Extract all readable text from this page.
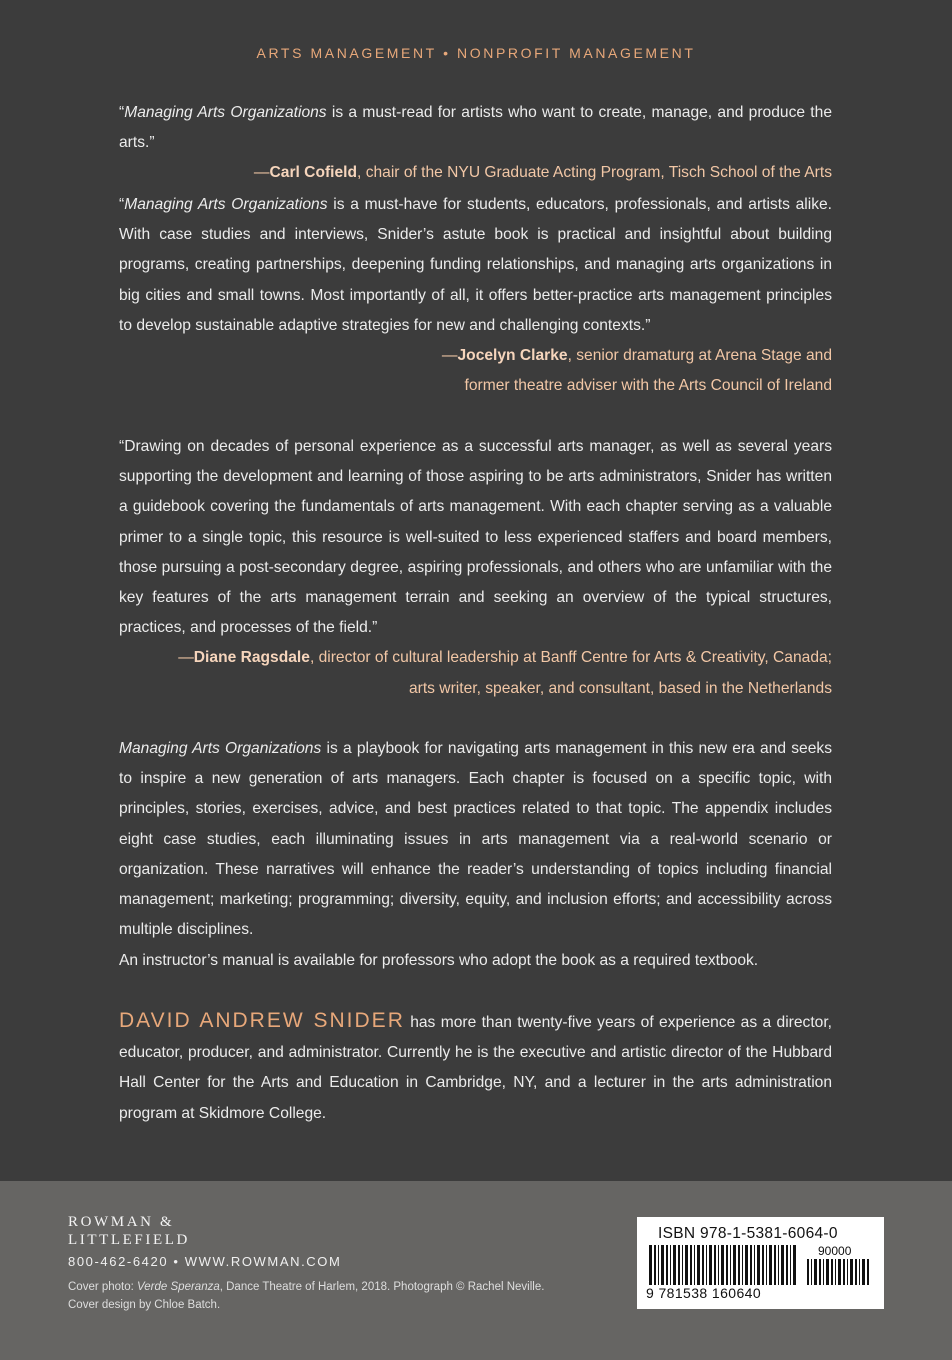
ARTS MANAGEMENT • NONPROFIT MANAGEMENT

“Managing Arts Organizations is a must-read for artists who want to create, manage, and produce the arts.”

—Carl Cofield, chair of the NYU Graduate Acting Program, Tisch School of the Arts

“Managing Arts Organizations is a must-have for students, educators, professionals, and artists alike. With case studies and interviews, Snider’s astute book is practical and insightful about building programs, creating partnerships, deepening funding relationships, and managing arts organizations in big cities and small towns. Most importantly of all, it offers better-practice arts management principles to develop sustainable adaptive strategies for new and challenging contexts.”

—Jocelyn Clarke, senior dramaturg at Arena Stage and
former theatre adviser with the Arts Council of Ireland

“Drawing on decades of personal experience as a successful arts manager, as well as several years supporting the development and learning of those aspiring to be arts administrators, Snider has written a guidebook covering the fundamentals of arts management. With each chapter serving as a valuable primer to a single topic, this resource is well-suited to less experienced staffers and board members, those pursuing a post-secondary degree, aspiring professionals, and others who are unfamiliar with the key features of the arts management terrain and seeking an overview of the typical structures, practices, and processes of the field.”

—Diane Ragsdale, director of cultural leadership at Banff Centre for Arts & Creativity, Canada;
arts writer, speaker, and consultant, based in the Netherlands

Managing Arts Organizations is a playbook for navigating arts management in this new era and seeks to inspire a new generation of arts managers. Each chapter is focused on a specific topic, with principles, stories, exercises, advice, and best practices related to that topic. The appendix includes eight case studies, each illuminating issues in arts management via a real-world scenario or organization. These narratives will enhance the reader’s understanding of topics including financial management; marketing; programming; diversity, equity, and inclusion efforts; and accessibility across multiple disciplines.

An instructor’s manual is available for professors who adopt the book as a required textbook.

DAVID ANDREW SNIDER has more than twenty-five years of experience as a director, educator, producer, and administrator. Currently he is the executive and artistic director of the Hubbard Hall Center for the Arts and Education in Cambridge, NY, and a lecturer in the arts administration program at Skidmore College.

ROWMAN &
LITTLEFIELD
800-462-6420 • WWW.ROWMAN.COM
Cover photo: Verde Speranza, Dance Theatre of Harlem, 2018. Photograph © Rachel Neville.
Cover design by Chloe Batch.
ISBN 978-1-5381-6064-0
90000
9 781538 160640
